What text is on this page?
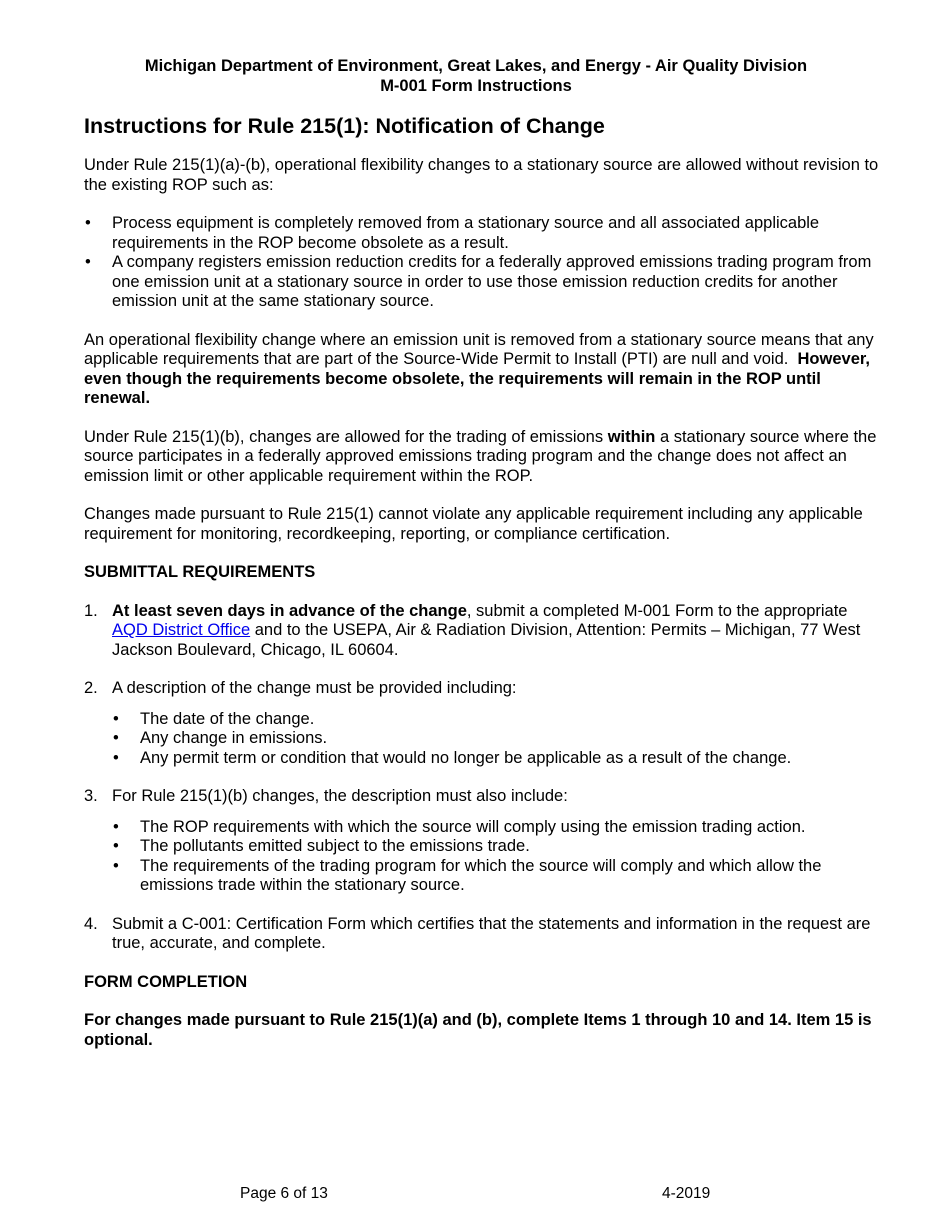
Michigan Department of Environment, Great Lakes, and Energy - Air Quality Division
M-001 Form Instructions
Instructions for Rule 215(1): Notification of Change

Under Rule 215(1)(a)-(b), operational flexibility changes to a stationary source are allowed without revision to the existing ROP such as:

• Process equipment is completely removed from a stationary source and all associated applicable requirements in the ROP become obsolete as a result.
• A company registers emission reduction credits for a federally approved emissions trading program from one emission unit at a stationary source in order to use those emission reduction credits for another emission unit at the same stationary source.

An operational flexibility change where an emission unit is removed from a stationary source means that any applicable requirements that are part of the Source-Wide Permit to Install (PTI) are null and void. However, even though the requirements become obsolete, the requirements will remain in the ROP until renewal.

Under Rule 215(1)(b), changes are allowed for the trading of emissions within a stationary source where the source participates in a federally approved emissions trading program and the change does not affect an emission limit or other applicable requirement within the ROP.

Changes made pursuant to Rule 215(1) cannot violate any applicable requirement including any applicable requirement for monitoring, recordkeeping, reporting, or compliance certification.

SUBMITTAL REQUIREMENTS

1. At least seven days in advance of the change, submit a completed M-001 Form to the appropriate AQD District Office and to the USEPA, Air & Radiation Division, Attention: Permits – Michigan, 77 West Jackson Boulevard, Chicago, IL 60604.
2. A description of the change must be provided including:
• The date of the change.
• Any change in emissions.
• Any permit term or condition that would no longer be applicable as a result of the change.
3. For Rule 215(1)(b) changes, the description must also include:
• The ROP requirements with which the source will comply using the emission trading action.
• The pollutants emitted subject to the emissions trade.
• The requirements of the trading program for which the source will comply and which allow the emissions trade within the stationary source.
4. Submit a C-001: Certification Form which certifies that the statements and information in the request are true, accurate, and complete.

FORM COMPLETION

For changes made pursuant to Rule 215(1)(a) and (b), complete Items 1 through 10 and 14. Item 15 is optional.

Page 6 of 13	4-2019
